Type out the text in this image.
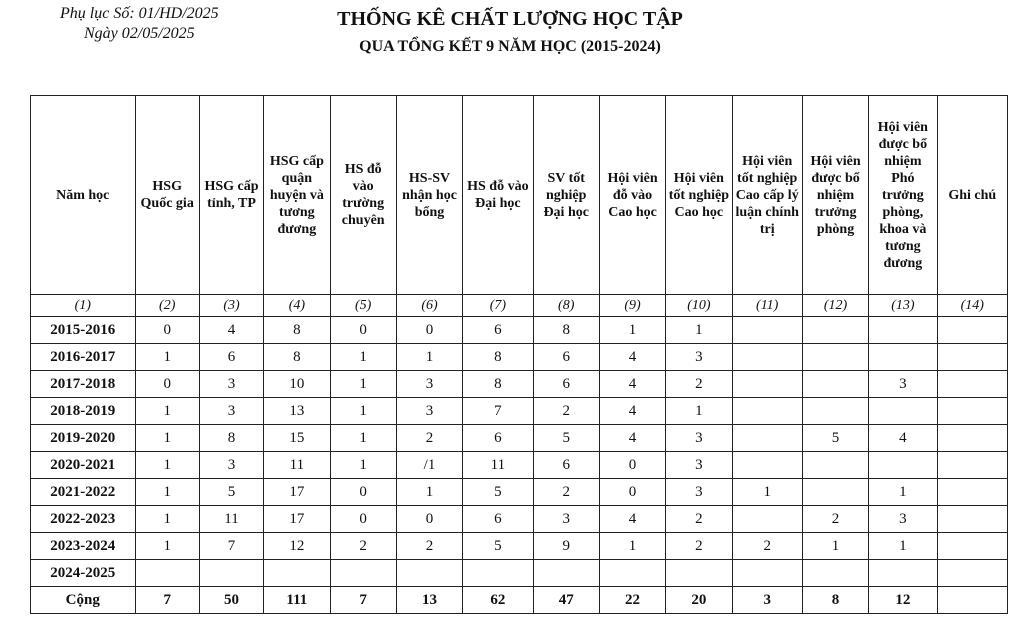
Phụ lục Số: 01/HD/2025
Ngày 02/05/2025
THỐNG KÊ CHẤT LƯỢNG HỌC TẬP
QUA TỔNG KẾT 9 NĂM HỌC (2015-2024)
Năm học	HSG Quốc gia	HSG cấp tỉnh, TP	HSG cấp quận huyện và tương đương	HS đỗ vào trường chuyên	HS-SV nhận học bổng	HS đỗ vào Đại học	SV tốt nghiệp Đại học	Hội viên đỗ vào Cao học	Hội viên tốt nghiệp Cao học	Hội viên tốt nghiệp Cao cấp lý luận chính trị	Hội viên được bổ nhiệm trưởng phòng	Hội viên được bổ nhiệm Phó trưởng phòng, khoa và tương đương	Ghi chú
(1)	(2)	(3)	(4)	(5)	(6)	(7)	(8)	(9)	(10)	(11)	(12)	(13)	(14)
2015-2016	0	4	8	0	0	6	8	1	1				
2016-2017	1	6	8	1	1	8	6	4	3				
2017-2018	0	3	10	1	3	8	6	4	2			3	
2018-2019	1	3	13	1	3	7	2	4	1				
2019-2020	1	8	15	1	2	6	5	4	3		5	4	
2020-2021	1	3	11	1	/1	11	6	0	3				
2021-2022	1	5	17	0	1	5	2	0	3	1		1	
2022-2023	1	11	17	0	0	6	3	4	2		2	3	
2023-2024	1	7	12	2	2	5	9	1	2	2	1	1	
2024-2025													
Cộng	7	50	111	7	13	62	47	22	20	3	8	12	
